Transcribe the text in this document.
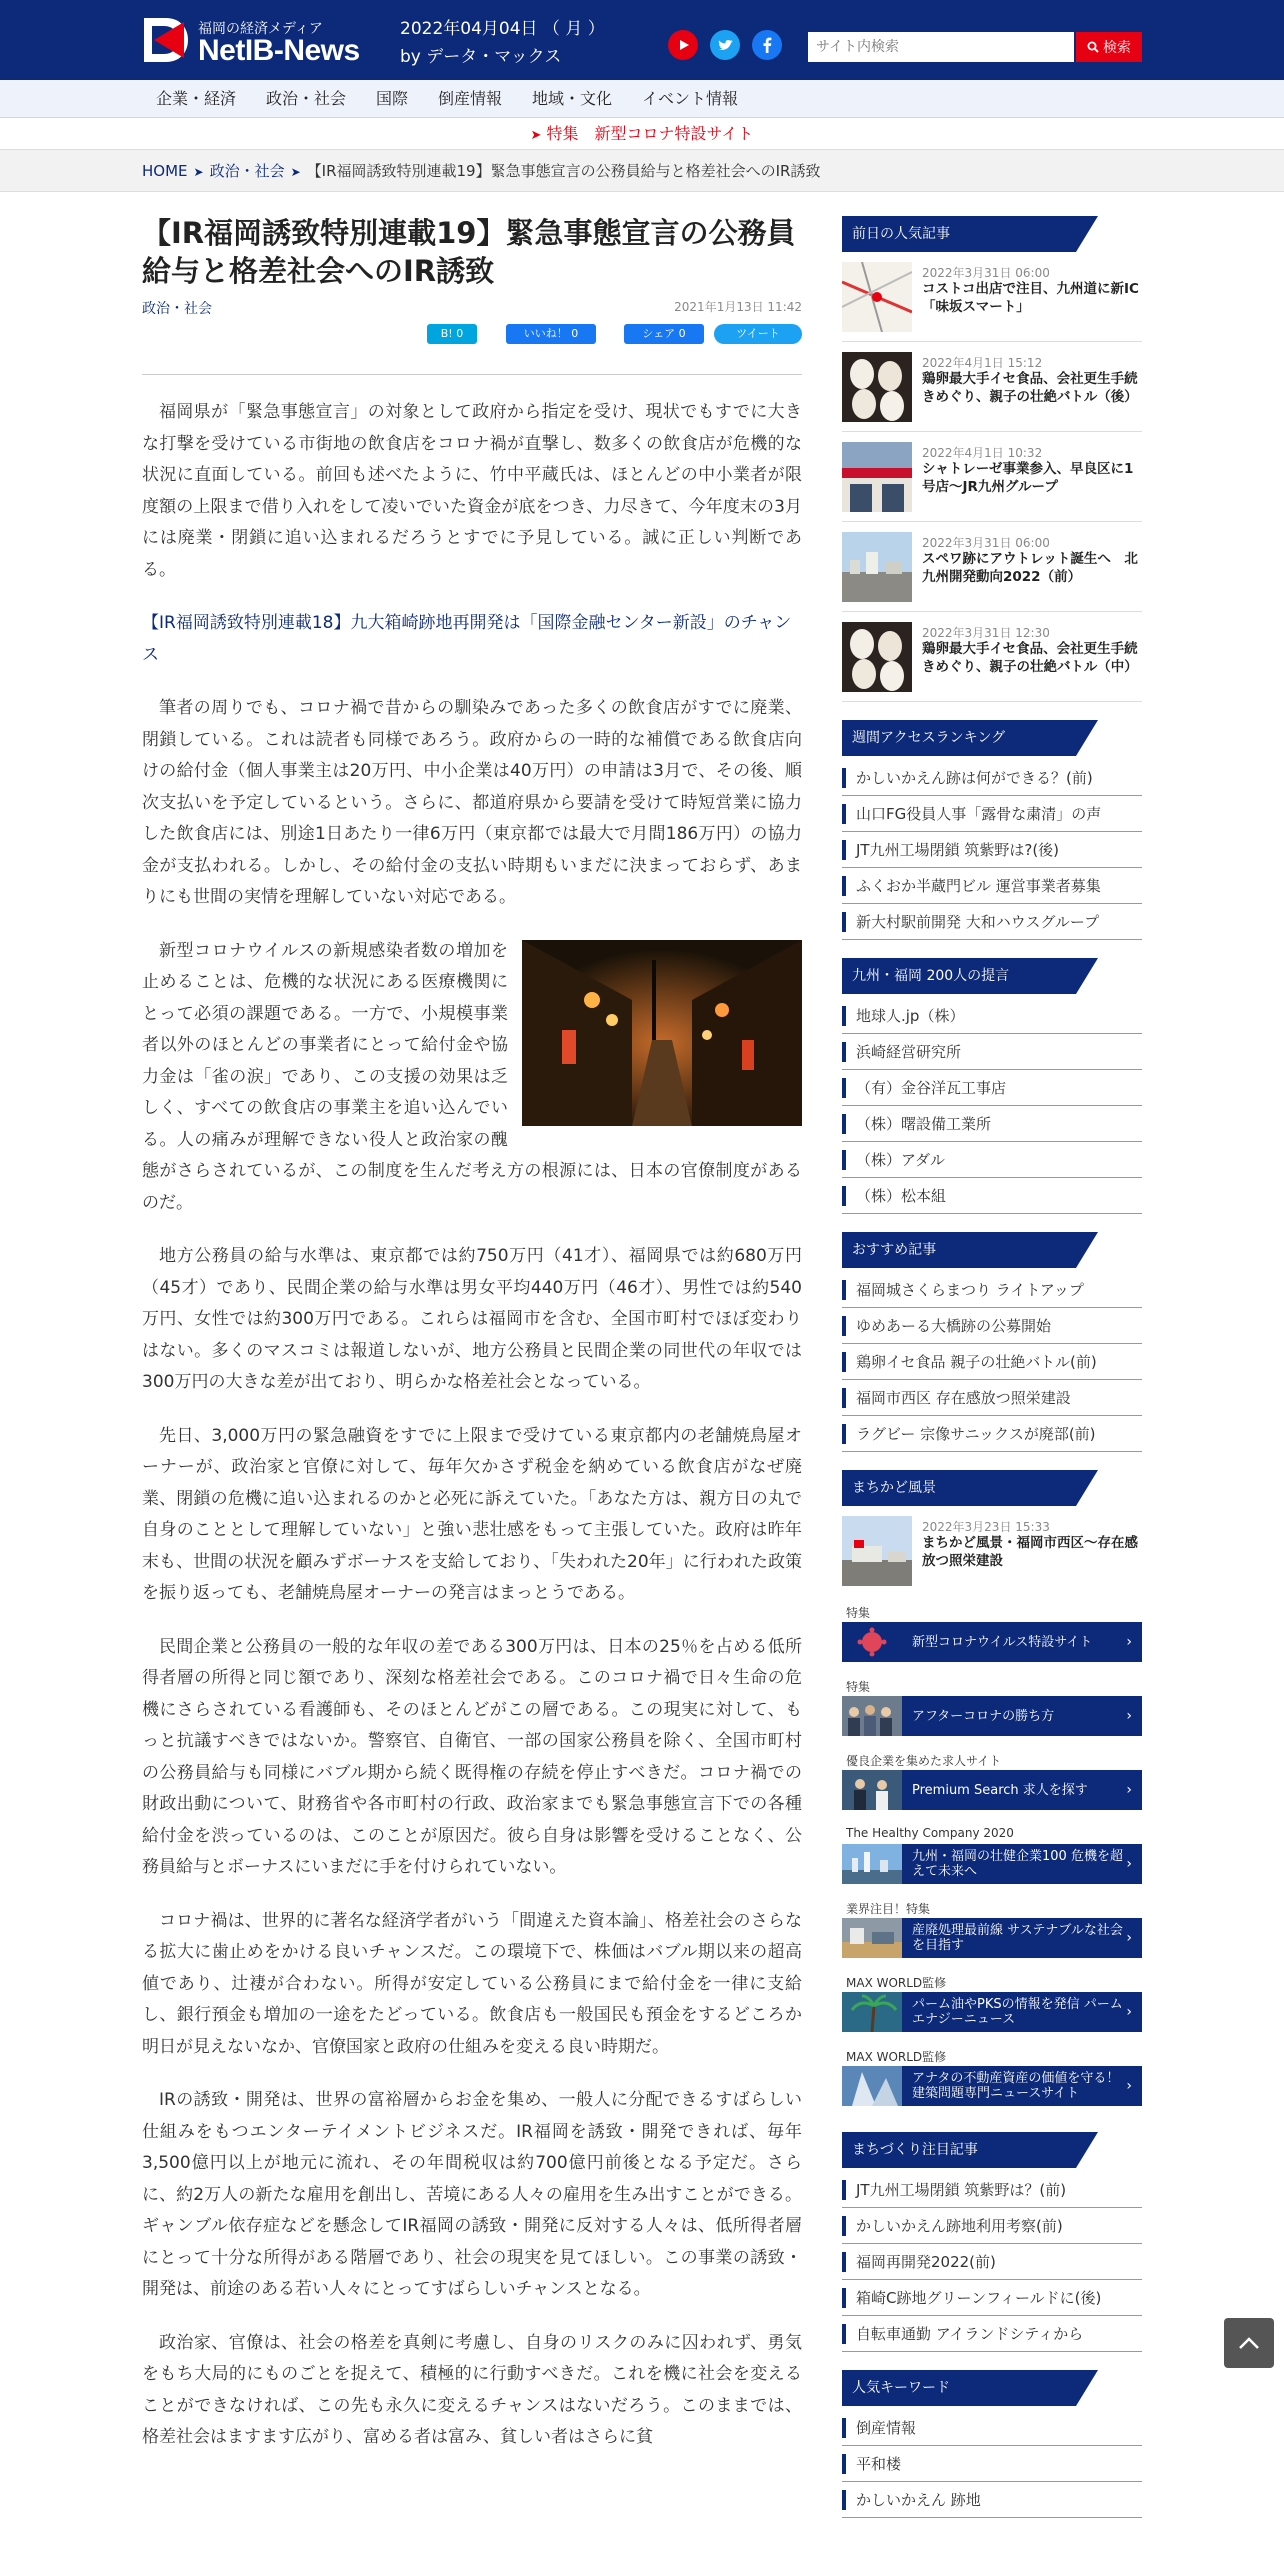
福岡の経済メディア
NetIB-News
2022年04月04日 （ 月 ）
by データ・マックス
サイト内検索	検索
企業・経済 政治・社会 国際 倒産情報 地域・文化 イベント情報
➤ 特集　新型コロナ特設サイト
HOME ➤ 政治・社会 ➤ 【IR福岡誘致特別連載19】緊急事態宣言の公務員給与と格差社会へのIR誘致
【IR福岡誘致特別連載19】緊急事態宣言の公務員給与と格差社会へのIR誘致
政治・社会	2021年1月13日 11:42
B! 0	いいね！ 0	シェア 0	ツイート

福岡県が「緊急事態宣言」の対象として政府から指定を受け、現状でもすでに大きな打撃を受けている市街地の飲食店をコロナ禍が直撃し、数多くの飲食店が危機的な状況に直面している。前回も述べたように、竹中平蔵氏は、ほとんどの中小業者が限度額の上限まで借り入れをして凌いでいた資金が底をつき、力尽きて、今年度末の3月には廃業・閉鎖に追い込まれるだろうとすでに予見している。誠に正しい判断である。

【IR福岡誘致特別連載18】九大箱崎跡地再開発は「国際金融センター新設」のチャンス

筆者の周りでも、コロナ禍で昔からの馴染みであった多くの飲食店がすでに廃業、閉鎖している。これは読者も同様であろう。政府からの一時的な補償である飲食店向けの給付金（個人事業主は20万円、中小企業は40万円）の申請は3月で、その後、順次支払いを予定しているという。さらに、都道府県から要請を受けて時短営業に協力した飲食店には、別途1日あたり一律6万円（東京都では最大で月間186万円）の協力金が支払われる。しかし、その給付金の支払い時期もいまだに決まっておらず、あまりにも世間の実情を理解していない対応である。

新型コロナウイルスの新規感染者数の増加を止めることは、危機的な状況にある医療機関にとって必須の課題である。一方で、小規模事業者以外のほとんどの事業者にとって給付金や協力金は「雀の涙」であり、この支援の効果は乏しく、すべての飲食店の事業主を追い込んでいる。人の痛みが理解できない役人と政治家の醜態がさらされているが、この制度を生んだ考え方の根源には、日本の官僚制度があるのだ。

地方公務員の給与水準は、東京都では約750万円（41才）、福岡県では約680万円（45才）であり、民間企業の給与水準は男女平均440万円（46才）、男性では約540万円、女性では約300万円である。これらは福岡市を含む、全国市町村でほぼ変わりはない。多くのマスコミは報道しないが、地方公務員と民間企業の同世代の年収では300万円の大きな差が出ており、明らかな格差社会となっている。

先日、3,000万円の緊急融資をすでに上限まで受けている東京都内の老舗焼鳥屋オーナーが、政治家と官僚に対して、毎年欠かさず税金を納めている飲食店がなぜ廃業、閉鎖の危機に追い込まれるのかと必死に訴えていた。「あなた方は、親方日の丸で自身のこととして理解していない」と強い悲壮感をもって主張していた。政府は昨年末も、世間の状況を顧みずボーナスを支給しており、「失われた20年」に行われた政策を振り返っても、老舗焼鳥屋オーナーの発言はまっとうである。

民間企業と公務員の一般的な年収の差である300万円は、日本の25％を占める低所得者層の所得と同じ額であり、深刻な格差社会である。このコロナ禍で日々生命の危機にさらされている看護師も、そのほとんどがこの層である。この現実に対して、もっと抗議すべきではないか。警察官、自衛官、一部の国家公務員を除く、全国市町村の公務員給与も同様にバブル期から続く既得権の存続を停止すべきだ。コロナ禍での財政出動について、財務省や各市町村の行政、政治家までも緊急事態宣言下での各種給付金を渋っているのは、このことが原因だ。彼ら自身は影響を受けることなく、公務員給与とボーナスにいまだに手を付けられていない。

コロナ禍は、世界的に著名な経済学者がいう「間違えた資本論」、格差社会のさらなる拡大に歯止めをかける良いチャンスだ。この環境下で、株価はバブル期以来の超高値であり、辻褄が合わない。所得が安定している公務員にまで給付金を一律に支給し、銀行預金も増加の一途をたどっている。飲食店も一般国民も預金をするどころか明日が見えないなか、官僚国家と政府の仕組みを変える良い時期だ。

IRの誘致・開発は、世界の富裕層からお金を集め、一般人に分配できるすばらしい仕組みをもつエンターテイメントビジネスだ。IR福岡を誘致・開発できれば、毎年3,500億円以上が地元に流れ、その年間税収は約700億円前後となる予定だ。さらに、約2万人の新たな雇用を創出し、苦境にある人々の雇用を生み出すことができる。ギャンブル依存症などを懸念してIR福岡の誘致・開発に反対する人々は、低所得者層にとって十分な所得がある階層であり、社会の現実を見てほしい。この事業の誘致・開発は、前途のある若い人々にとってすばらしいチャンスとなる。

政治家、官僚は、社会の格差を真剣に考慮し、自身のリスクのみに囚われず、勇気をもち大局的にものごとを捉えて、積極的に行動すべきだ。これを機に社会を変えることができなければ、この先も永久に変えるチャンスはないだろう。このままでは、格差社会はますます広がり、富める者は富み、貧しい者はさらに貧

前日の人気記事
2022年3月31日 06:00
コストコ出店で注目、九州道に新IC「味坂スマート」
2022年4月1日 15:12
鶏卵最大手イセ食品、会社更生手続きめぐり、親子の壮絶バトル（後）
2022年4月1日 10:32
シャトレーゼ事業参入、早良区に1号店～JR九州グループ
2022年3月31日 06:00
スペワ跡にアウトレット誕生へ　北九州開発動向2022（前）
2022年3月31日 12:30
鶏卵最大手イセ食品、会社更生手続きめぐり、親子の壮絶バトル（中）
週間アクセスランキング
かしいかえん跡は何ができる？(前)
山口FG役員人事「露骨な粛清」の声
JT九州工場閉鎖 筑紫野は?(後)
ふくおか半蔵門ビル 運営事業者募集
新大村駅前開発 大和ハウスグループ
九州・福岡 200人の提言
地球人.jp（株）
浜崎経営研究所
（有）金谷洋瓦工事店
（株）曙設備工業所
（株）アダル
（株）松本組
おすすめ記事
福岡城さくらまつり ライトアップ
ゆめあーる大橋跡の公募開始
鶏卵イセ食品 親子の壮絶バトル(前)
福岡市西区 存在感放つ照栄建設
ラグビー 宗像サニックスが廃部(前)
まちかど風景
2022年3月23日 15:33
まちかど風景・福岡市西区～存在感放つ照栄建設
特集
新型コロナウイルス特設サイト	›
特集
アフターコロナの勝ち方	›
優良企業を集めた求人サイト
Premium Search 求人を探す	›
The Healthy Company 2020
九州・福岡の壮健企業100 危機を超えて未来へ	›
業界注目！特集
産廃処理最前線 サステナブルな社会を目指す	›
MAX WORLD監修
パーム油やPKSの情報を発信 パームエナジーニュース	›
MAX WORLD監修
アナタの不動産資産の価値を守る！建築問題専門ニュースサイト	›
まちづくり注目記事
JT九州工場閉鎖 筑紫野は？(前)
かしいかえん跡地利用考察(前)
福岡再開発2022(前)
箱崎C跡地グリーンフィールドに(後)
自転車通勤 アイランドシティから
人気キーワード
倒産情報
平和楼
かしいかえん 跡地
